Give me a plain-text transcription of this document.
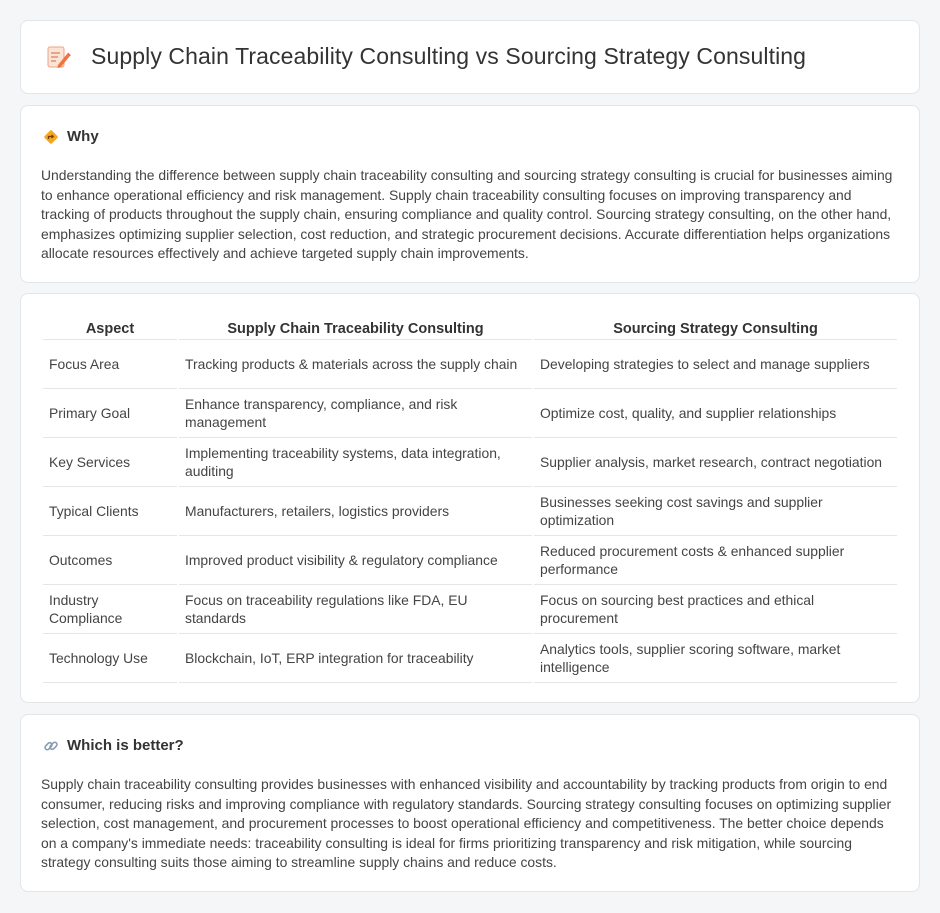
Supply Chain Traceability Consulting vs Sourcing Strategy Consulting
Why

Understanding the difference between supply chain traceability consulting and sourcing strategy consulting is crucial for businesses aiming to enhance operational efficiency and risk management. Supply chain traceability consulting focuses on improving transparency and tracking of products throughout the supply chain, ensuring compliance and quality control. Sourcing strategy consulting, on the other hand, emphasizes optimizing supplier selection, cost reduction, and strategic procurement decisions. Accurate differentiation helps organizations allocate resources effectively and achieve targeted supply chain improvements.

Aspect	Supply Chain Traceability Consulting	Sourcing Strategy Consulting
Focus Area	Tracking products & materials across the supply chain	Developing strategies to select and manage suppliers
Primary Goal	Enhance transparency, compliance, and risk management	Optimize cost, quality, and supplier relationships
Key Services	Implementing traceability systems, data integration, auditing	Supplier analysis, market research, contract negotiation
Typical Clients	Manufacturers, retailers, logistics providers	Businesses seeking cost savings and supplier optimization
Outcomes	Improved product visibility & regulatory compliance	Reduced procurement costs & enhanced supplier performance
Industry Compliance	Focus on traceability regulations like FDA, EU standards	Focus on sourcing best practices and ethical procurement
Technology Use	Blockchain, IoT, ERP integration for traceability	Analytics tools, supplier scoring software, market intelligence
Which is better?

Supply chain traceability consulting provides businesses with enhanced visibility and accountability by tracking products from origin to end consumer, reducing risks and improving compliance with regulatory standards. Sourcing strategy consulting focuses on optimizing supplier selection, cost management, and procurement processes to boost operational efficiency and competitiveness. The better choice depends on a company's immediate needs: traceability consulting is ideal for firms prioritizing transparency and risk mitigation, while sourcing strategy consulting suits those aiming to streamline supply chains and reduce costs.
